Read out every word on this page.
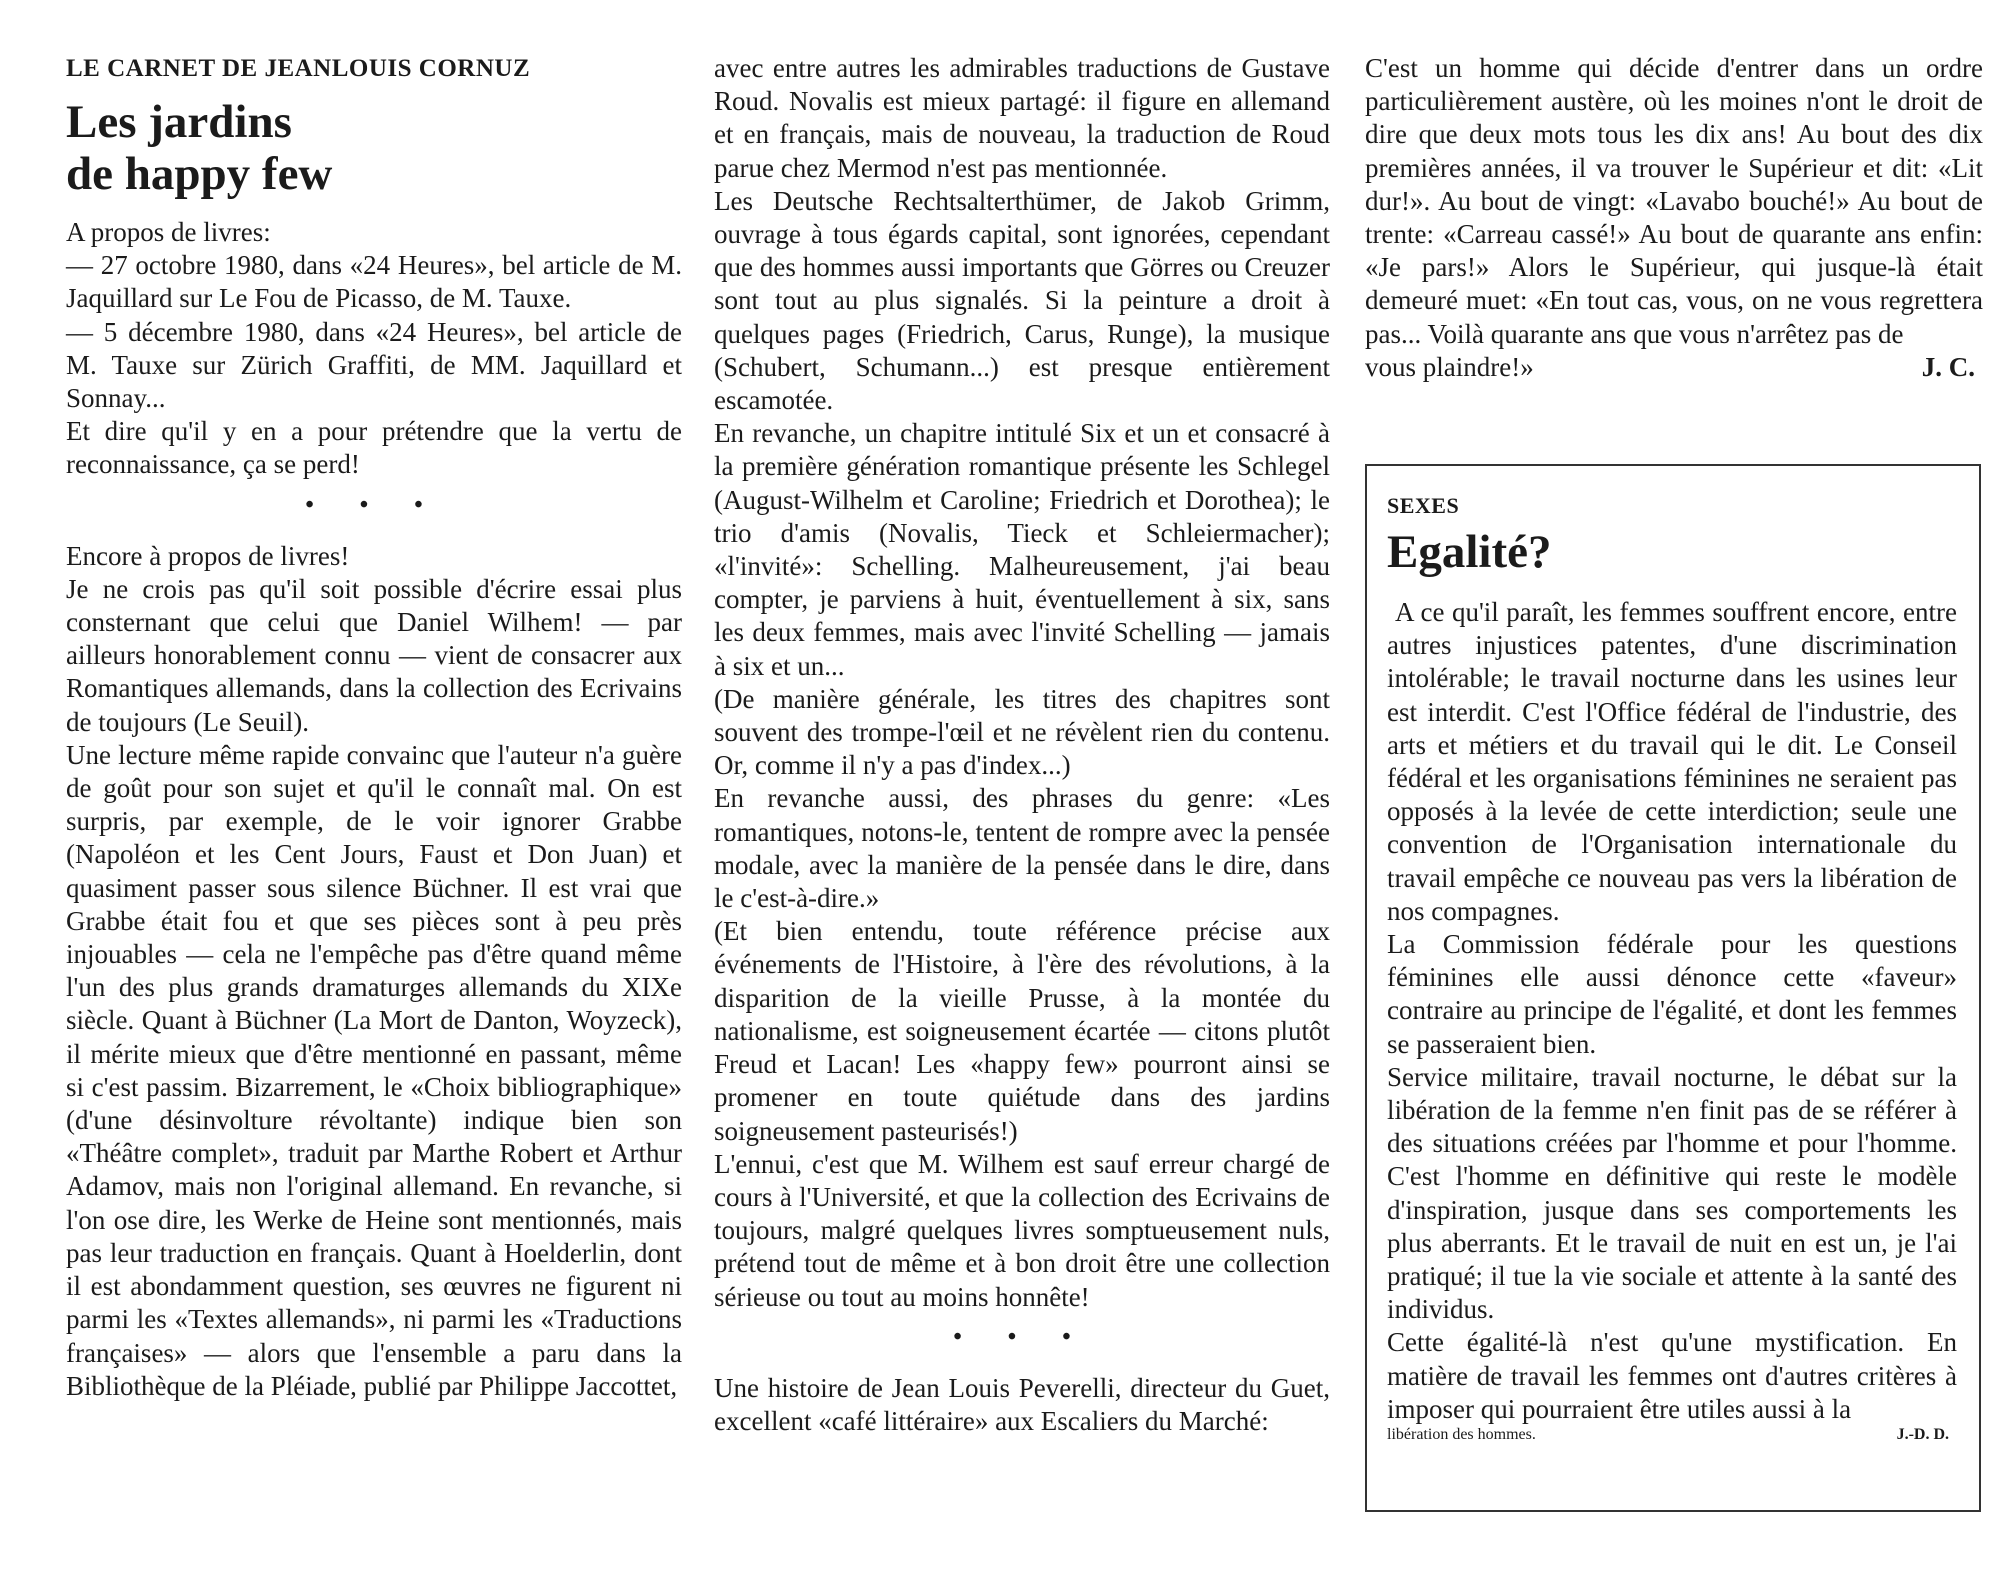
LE CARNET DE JEANLOUIS CORNUZ
Les jardins
de happy few

A propos de livres:

— 27 octobre 1980, dans «24 Heures», bel article de M. Jaquillard sur Le Fou de Picasso, de M. Tauxe.

— 5 décembre 1980, dans «24 Heures», bel article de M. Tauxe sur Zürich Graffiti, de MM. Jaquillard et Sonnay...

Et dire qu'il y en a pour prétendre que la vertu de reconnaissance, ça se perd!

• • •

Encore à propos de livres!

Je ne crois pas qu'il soit possible d'écrire essai plus consternant que celui que Daniel Wilhem! — par ailleurs honorablement connu — vient de consacrer aux Romantiques allemands, dans la collection des Ecrivains de toujours (Le Seuil).

Une lecture même rapide convainc que l'auteur n'a guère de goût pour son sujet et qu'il le connaît mal. On est surpris, par exemple, de le voir ignorer Grabbe (Napoléon et les Cent Jours, Faust et Don Juan) et quasiment passer sous silence Büchner. Il est vrai que Grabbe était fou et que ses pièces sont à peu près injouables — cela ne l'empêche pas d'être quand même l'un des plus grands dramaturges allemands du XIXe siècle. Quant à Büchner (La Mort de Danton, Woyzeck), il mérite mieux que d'être mentionné en passant, même si c'est passim. Bizarrement, le «Choix bibliographique» (d'une désinvolture révoltante) indique bien son «Théâtre complet», traduit par Marthe Robert et Arthur Adamov, mais non l'original allemand. En revanche, si l'on ose dire, les Werke de Heine sont mentionnés, mais pas leur traduction en français. Quant à Hoelderlin, dont il est abondamment question, ses œuvres ne figurent ni parmi les «Textes allemands», ni parmi les «Traductions françaises» — alors que l'ensemble a paru dans la Bibliothèque de la Pléiade, publié par Philippe Jaccottet,

avec entre autres les admirables traductions de Gustave Roud. Novalis est mieux partagé: il figure en allemand et en français, mais de nouveau, la traduction de Roud parue chez Mermod n'est pas mentionnée.

Les Deutsche Rechtsalterthümer, de Jakob Grimm, ouvrage à tous égards capital, sont ignorées, cependant que des hommes aussi importants que Görres ou Creuzer sont tout au plus signalés. Si la peinture a droit à quelques pages (Friedrich, Carus, Runge), la musique (Schubert, Schumann...) est presque entièrement escamotée.

En revanche, un chapitre intitulé Six et un et consacré à la première génération romantique présente les Schlegel (August-Wilhelm et Caroline; Friedrich et Dorothea); le trio d'amis (Novalis, Tieck et Schleiermacher); «l'invité»: Schelling. Malheureusement, j'ai beau compter, je parviens à huit, éventuellement à six, sans les deux femmes, mais avec l'invité Schelling — jamais à six et un...

(De manière générale, les titres des chapitres sont souvent des trompe-l'œil et ne révèlent rien du contenu. Or, comme il n'y a pas d'index...)

En revanche aussi, des phrases du genre: «Les romantiques, notons-le, tentent de rompre avec la pensée modale, avec la manière de la pensée dans le dire, dans le c'est-à-dire.»

(Et bien entendu, toute référence précise aux événements de l'Histoire, à l'ère des révolutions, à la disparition de la vieille Prusse, à la montée du nationalisme, est soigneusement écartée — citons plutôt Freud et Lacan! Les «happy few» pourront ainsi se promener en toute quiétude dans des jardins soigneusement pasteurisés!)

L'ennui, c'est que M. Wilhem est sauf erreur chargé de cours à l'Université, et que la collection des Ecrivains de toujours, malgré quelques livres somptueusement nuls, prétend tout de même et à bon droit être une collection sérieuse ou tout au moins honnête!

• • •

Une histoire de Jean Louis Peverelli, directeur du Guet, excellent «café littéraire» aux Escaliers du Marché:

C'est un homme qui décide d'entrer dans un ordre particulièrement austère, où les moines n'ont le droit de dire que deux mots tous les dix ans! Au bout des dix premières années, il va trouver le Supérieur et dit: «Lit dur!». Au bout de vingt: «Lavabo bouché!» Au bout de trente: «Carreau cassé!» Au bout de quarante ans enfin: «Je pars!» Alors le Supérieur, qui jusque-là était demeuré muet: «En tout cas, vous, on ne vous regrettera pas... Voilà quarante ans que vous n'arrêtez pas de

vous plaindre!»	J. C.
SEXES
Egalité?

A ce qu'il paraît, les femmes souffrent encore, entre autres injustices patentes, d'une discrimination intolérable; le travail nocturne dans les usines leur est interdit. C'est l'Office fédéral de l'industrie, des arts et métiers et du travail qui le dit. Le Conseil fédéral et les organisations féminines ne seraient pas opposés à la levée de cette interdiction; seule une convention de l'Organisation internationale du travail empêche ce nouveau pas vers la libération de nos compagnes.

La Commission fédérale pour les questions féminines elle aussi dénonce cette «faveur» contraire au principe de l'égalité, et dont les femmes se passeraient bien.

Service militaire, travail nocturne, le débat sur la libération de la femme n'en finit pas de se référer à des situations créées par l'homme et pour l'homme. C'est l'homme en définitive qui reste le modèle d'inspiration, jusque dans ses comportements les plus aberrants. Et le travail de nuit en est un, je l'ai pratiqué; il tue la vie sociale et attente à la santé des individus.

Cette égalité-là n'est qu'une mystification. En matière de travail les femmes ont d'autres critères à imposer qui pourraient être utiles aussi à la

libération des hommes.	J.-D. D.
